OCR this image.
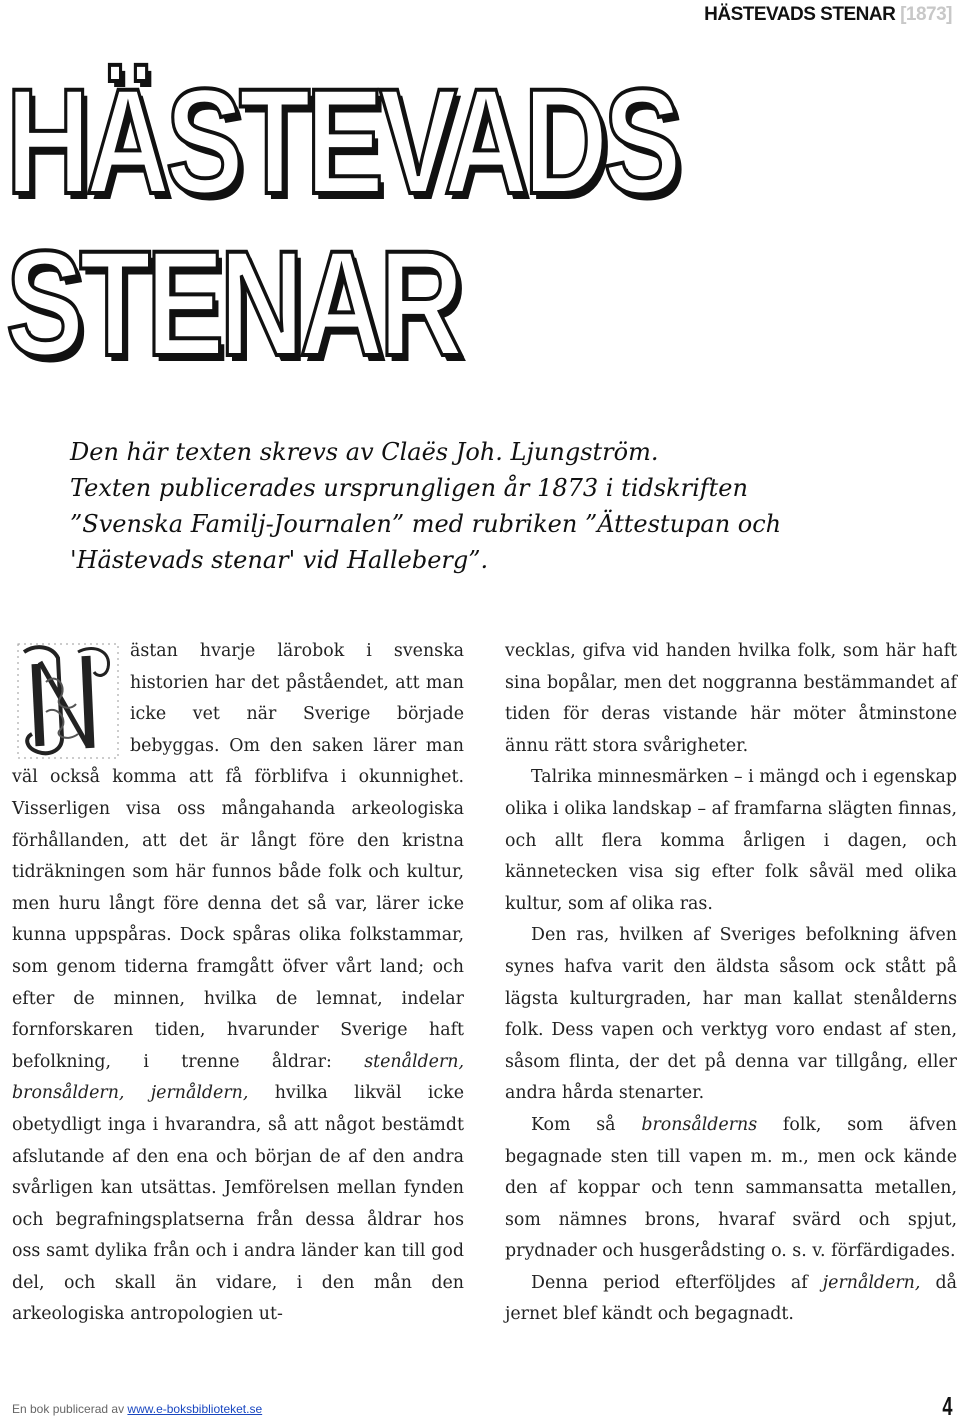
HÄSTEVADS STENAR [1873]
HÄSTEVADS
STENAR

Den här texten skrevs av Claës Joh. Ljungström.

Texten publicerades ursprungligen år 1873 i tidskriften ”Svenska Familj-Journalen” med rubriken ”Ättestupan och 'Hästevads stenar' vid Halleberg”.

N	ästan hvarje lärobok i svenska historien har det påståendet, att man icke vet när Sverige började bebyggas. Om den saken lärer man väl också komma att få förblifva i okunnighet. Visserligen visa oss mångahanda arkeologiska förhållanden, att det är långt före den kristna tidräkningen som här funnos både folk och kultur, men huru långt före denna det så var, lärer icke kunna uppspåras. Dock spåras olika folkstammar, som genom tiderna framgått öfver vårt land; och efter de minnen, hvilka de lemnat, indelar fornforskaren tiden, hvarunder Sverige haft befolkning, i trenne åldrar: stenåldern, bronsåldern, jernåldern, hvilka likväl icke obetydligt inga i hvarandra, så att något bestämdt afslutande af den ena och början de af den andra svårligen kan utsättas. Jemförelsen mellan fynden och begrafningsplatserna från dessa åldrar hos oss samt dylika från och i andra länder kan till god del, och skall än vidare, i den mån den arkeologiska antropologien ut-

vecklas, gifva vid handen hvilka folk, som här haft sina bopålar, men det noggranna bestämmandet af tiden för deras vistande här möter åtminstone ännu rätt stora svårigheter.

Talrika minnesmärken – i mängd och i egenskap olika i olika landskap – af framfarna slägten finnas, och allt flera komma årligen i dagen, och kännetecken visa sig efter folk såväl med olika kultur, som af olika ras.

Den ras, hvilken af Sveriges befolkning äfven synes hafva varit den äldsta såsom ock stått på lägsta kulturgraden, har man kallat stenålderns folk. Dess vapen och verktyg voro endast af sten, såsom flinta, der det på denna var tillgång, eller andra hårda stenarter.

Kom så bronsålderns folk, som äfven begagnade sten till vapen m. m., men ock kände den af koppar och tenn sammansatta metallen, som nämnes brons, hvaraf svärd och spjut, prydnader och husgerådsting o. s. v. förfärdigades.

Denna period efterföljdes af jernåldern, då jernet blef kändt och begagnadt.

En bok publicerad av www.e-boksbiblioteket.se	4
